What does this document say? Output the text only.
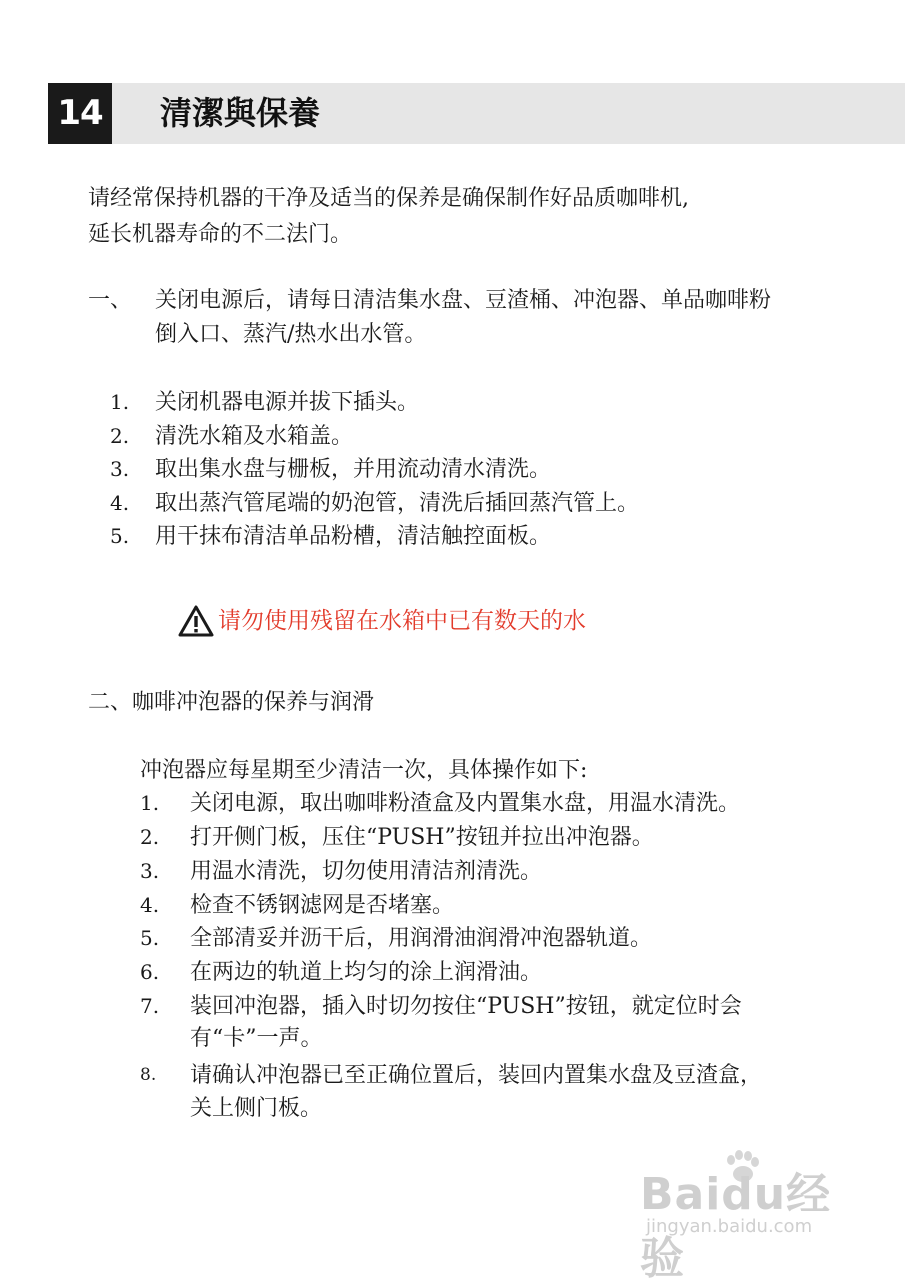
14 清潔與保養
请经常保持机器的干净及适当的保养是确保制作好品质咖啡机,
延长机器寿命的不二法门。
一、 关闭电源后，请每日清洁集水盘、豆渣桶、冲泡器、单品咖啡粉
倒入口、蒸汽/热水出水管。
1. 关闭机器电源并拔下插头。
2. 清洗水箱及水箱盖。
3. 取出集水盘与栅板，并用流动清水清洗。
4. 取出蒸汽管尾端的奶泡管，清洗后插回蒸汽管上。
5. 用干抹布清洁单品粉槽，清洁触控面板。
请勿使用残留在水箱中已有数天的水
二、咖啡冲泡器的保养与润滑
冲泡器应每星期至少清洁一次，具体操作如下:
1. 关闭电源，取出咖啡粉渣盒及内置集水盘，用温水清洗。
2. 打开侧门板，压住“PUSH”按钮并拉出冲泡器。
3. 用温水清洗，切勿使用清洁剂清洗。
4. 检查不锈钢滤网是否堵塞。
5. 全部清妥并沥干后，用润滑油润滑冲泡器轨道。
6. 在两边的轨道上均匀的涂上润滑油。
7. 装回冲泡器，插入时切勿按住“PUSH”按钮，就定位时会
有“卡”一声。
8. 请确认冲泡器已至正确位置后，装回内置集水盘及豆渣盒，
关上侧门板。
Baidu经验
jingyan.baidu.com
